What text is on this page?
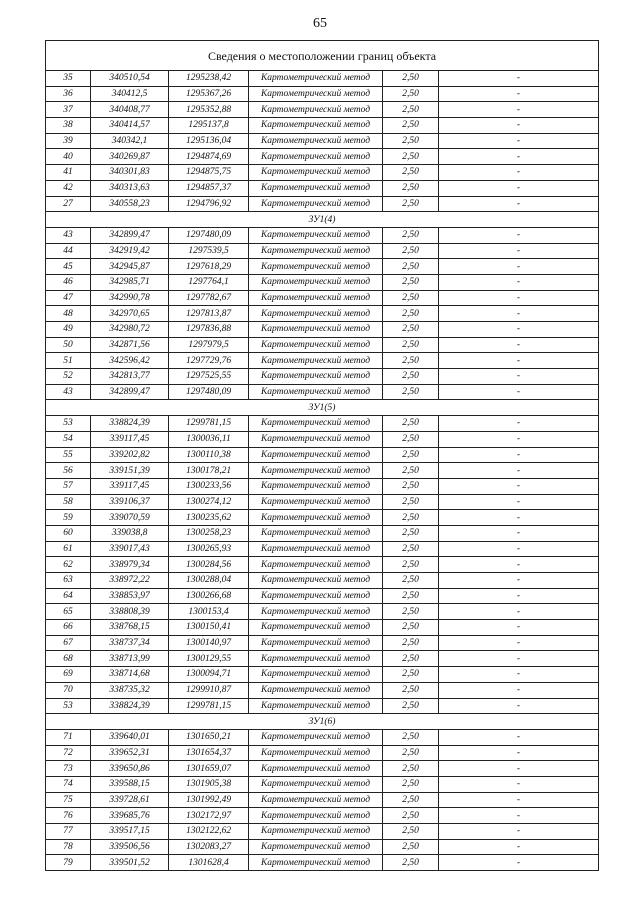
65
Сведения о местоположении границ объекта					
35	340510,54	1295238,42	Картометрический метод	2,50	-
36	340412,5	1295367,26	Картометрический метод	2,50	-
37	340408,77	1295352,88	Картометрический метод	2,50	-
38	340414,57	1295137,8	Картометрический метод	2,50	-
39	340342,1	1295136,04	Картометрический метод	2,50	-
40	340269,87	1294874,69	Картометрический метод	2,50	-
41	340301,83	1294875,75	Картометрический метод	2,50	-
42	340313,63	1294857,37	Картометрический метод	2,50	-
27	340558,23	1294796,92	Картометрический метод	2,50	-
ЗУ1(4)					
43	342899,47	1297480,09	Картометрический метод	2,50	-
44	342919,42	1297539,5	Картометрический метод	2,50	-
45	342945,87	1297618,29	Картометрический метод	2,50	-
46	342985,71	1297764,1	Картометрический метод	2,50	-
47	342990,78	1297782,67	Картометрический метод	2,50	-
48	342970,65	1297813,87	Картометрический метод	2,50	-
49	342980,72	1297836,88	Картометрический метод	2,50	-
50	342871,56	1297979,5	Картометрический метод	2,50	-
51	342596,42	1297729,76	Картометрический метод	2,50	-
52	342813,77	1297525,55	Картометрический метод	2,50	-
43	342899,47	1297480,09	Картометрический метод	2,50	-
ЗУ1(5)					
53	338824,39	1299781,15	Картометрический метод	2,50	-
54	339117,45	1300036,11	Картометрический метод	2,50	-
55	339202,82	1300110,38	Картометрический метод	2,50	-
56	339151,39	1300178,21	Картометрический метод	2,50	-
57	339117,45	1300233,56	Картометрический метод	2,50	-
58	339106,37	1300274,12	Картометрический метод	2,50	-
59	339070,59	1300235,62	Картометрический метод	2,50	-
60	339038,8	1300258,23	Картометрический метод	2,50	-
61	339017,43	1300265,93	Картометрический метод	2,50	-
62	338979,34	1300284,56	Картометрический метод	2,50	-
63	338972,22	1300288,04	Картометрический метод	2,50	-
64	338853,97	1300266,68	Картометрический метод	2,50	-
65	338808,39	1300153,4	Картометрический метод	2,50	-
66	338768,15	1300150,41	Картометрический метод	2,50	-
67	338737,34	1300140,97	Картометрический метод	2,50	-
68	338713,99	1300129,55	Картометрический метод	2,50	-
69	338714,68	1300094,71	Картометрический метод	2,50	-
70	338735,32	1299910,87	Картометрический метод	2,50	-
53	338824,39	1299781,15	Картометрический метод	2,50	-
ЗУ1(6)					
71	339640,01	1301650,21	Картометрический метод	2,50	-
72	339652,31	1301654,37	Картометрический метод	2,50	-
73	339650,86	1301659,07	Картометрический метод	2,50	-
74	339588,15	1301905,38	Картометрический метод	2,50	-
75	339728,61	1301992,49	Картометрический метод	2,50	-
76	339685,76	1302172,97	Картометрический метод	2,50	-
77	339517,15	1302122,62	Картометрический метод	2,50	-
78	339506,56	1302083,27	Картометрический метод	2,50	-
79	339501,52	1301628,4	Картометрический метод	2,50	-
